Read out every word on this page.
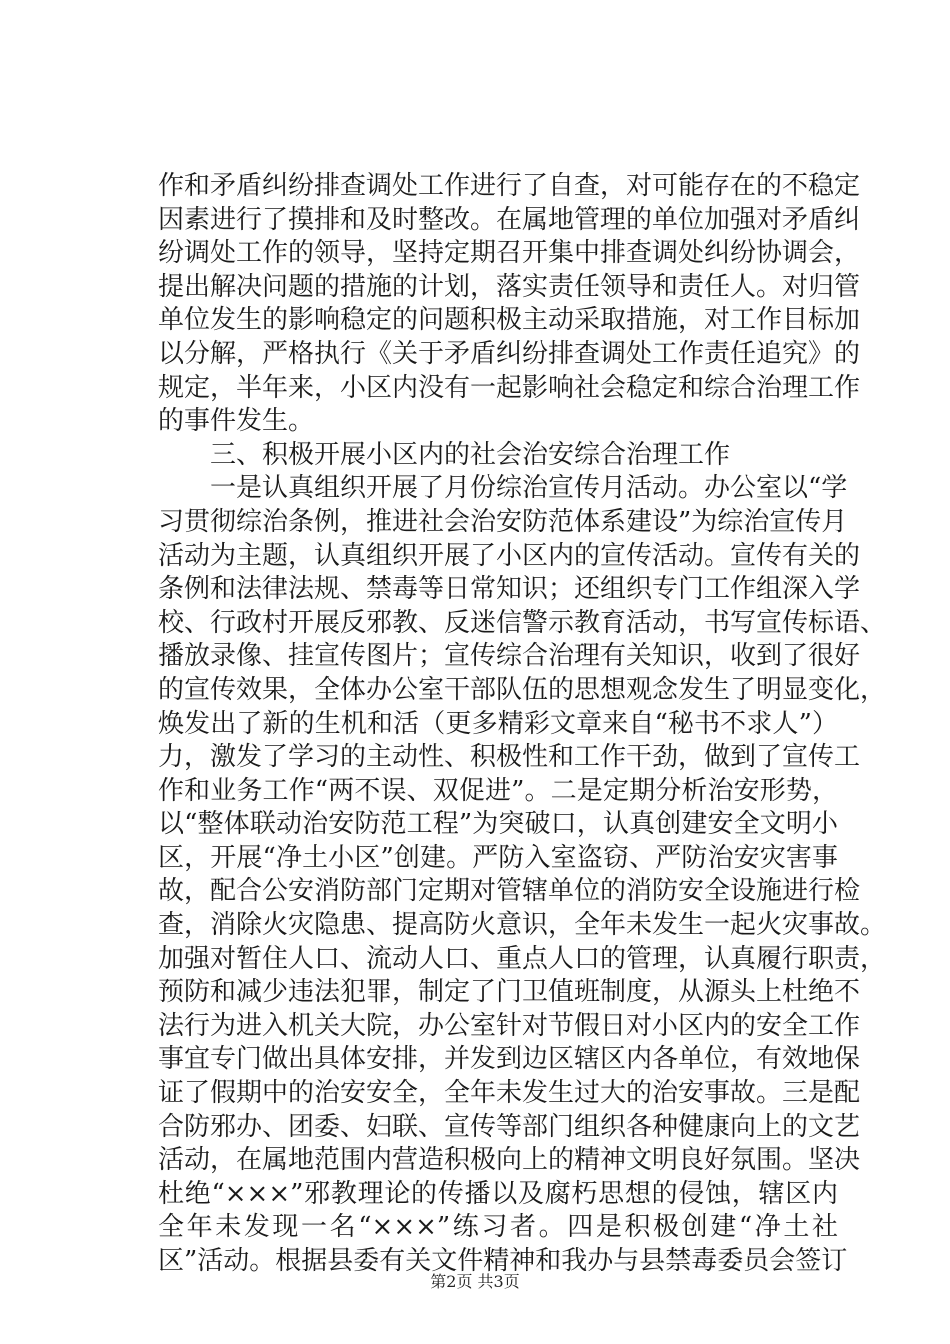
作和矛盾纠纷排查调处工作进行了自查，对可能存在的不稳定
因素进行了摸排和及时整改。在属地管理的单位加强对矛盾纠
纷调处工作的领导，坚持定期召开集中排查调处纠纷协调会，
提出解决问题的措施的计划，落实责任领导和责任人。对归管
单位发生的影响稳定的问题积极主动采取措施，对工作目标加
以分解，严格执行《关于矛盾纠纷排查调处工作责任追究》的
规定，半年来，小区内没有一起影响社会稳定和综合治理工作
的事件发生。
　　三、积极开展小区内的社会治安综合治理工作
　　一是认真组织开展了月份综治宣传月活动。办公室以“学
习贯彻综治条例，推进社会治安防范体系建设”为综治宣传月
活动为主题，认真组织开展了小区内的宣传活动。宣传有关的
条例和法律法规、禁毒等日常知识；还组织专门工作组深入学
校、行政村开展反邪教、反迷信警示教育活动，书写宣传标语、
播放录像、挂宣传图片；宣传综合治理有关知识，收到了很好
的宣传效果，全体办公室干部队伍的思想观念发生了明显变化，
焕发出了新的生机和活（更多精彩文章来自“秘书不求人”）
力，激发了学习的主动性、积极性和工作干劲，做到了宣传工
作和业务工作“两不误、双促进”。二是定期分析治安形势，
以“整体联动治安防范工程”为突破口，认真创建安全文明小
区，开展“净土小区”创建。严防入室盗窃、严防治安灾害事
故，配合公安消防部门定期对管辖单位的消防安全设施进行检
查，消除火灾隐患、提高防火意识，全年未发生一起火灾事故。
加强对暂住人口、流动人口、重点人口的管理，认真履行职责，
预防和减少违法犯罪，制定了门卫值班制度，从源头上杜绝不
法行为进入机关大院，办公室针对节假日对小区内的安全工作
事宜专门做出具体安排，并发到边区辖区内各单位，有效地保
证了假期中的治安安全，全年未发生过大的治安事故。三是配
合防邪办、团委、妇联、宣传等部门组织各种健康向上的文艺
活动，在属地范围内营造积极向上的精神文明良好氛围。坚决
杜绝“×××”邪教理论的传播以及腐朽思想的侵蚀，辖区内
全年未发现一名“×××”练习者。四是积极创建“净土社
区”活动。根据县委有关文件精神和我办与县禁毒委员会签订
第2页 共3页
